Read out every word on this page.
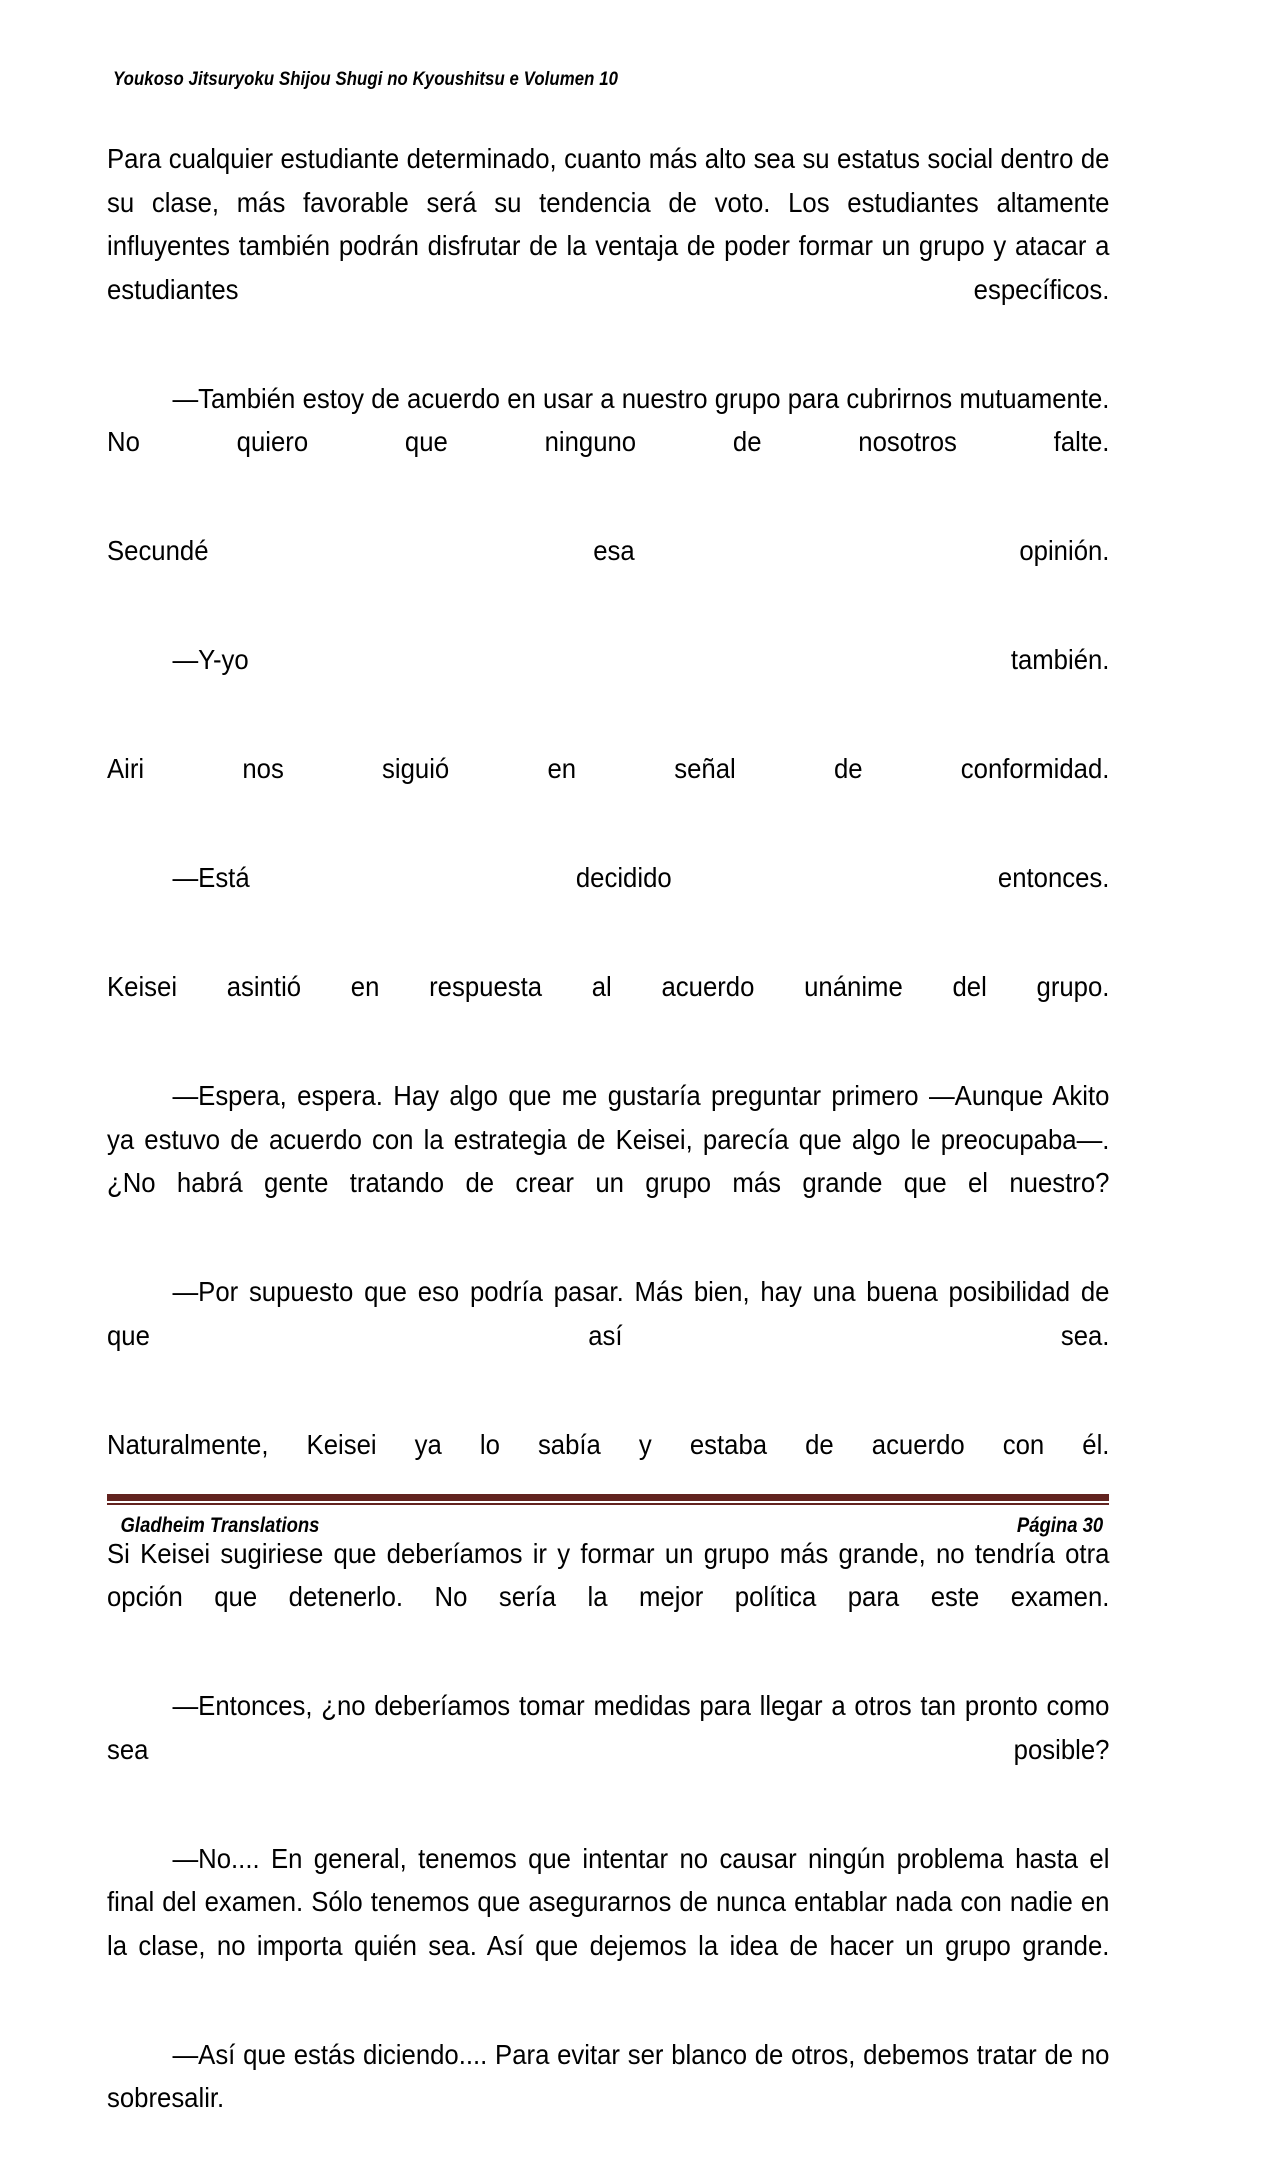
Youkoso Jitsuryoku Shijou Shugi no Kyoushitsu e Volumen 10

Para cualquier estudiante determinado, cuanto más alto sea su estatus social dentro de su clase, más favorable será su tendencia de voto. Los estudiantes altamente influyentes también podrán disfrutar de la ventaja de poder formar un grupo y atacar a estudiantes específicos.

—También estoy de acuerdo en usar a nuestro grupo para cubrirnos mutuamente. No quiero que ninguno de nosotros falte.

Secundé esa opinión.

—Y-yo también.

Airi nos siguió en señal de conformidad.

—Está decidido entonces.

Keisei asintió en respuesta al acuerdo unánime del grupo.

—Espera, espera. Hay algo que me gustaría preguntar primero —Aunque Akito ya estuvo de acuerdo con la estrategia de Keisei, parecía que algo le preocupaba—. ¿No habrá gente tratando de crear un grupo más grande que el nuestro?

—Por supuesto que eso podría pasar. Más bien, hay una buena posibilidad de que así sea.

Naturalmente, Keisei ya lo sabía y estaba de acuerdo con él.

Si Keisei sugiriese que deberíamos ir y formar un grupo más grande, no tendría otra opción que detenerlo. No sería la mejor política para este examen.

—Entonces, ¿no deberíamos tomar medidas para llegar a otros tan pronto como sea posible?

—No.... En general, tenemos que intentar no causar ningún problema hasta el final del examen. Sólo tenemos que asegurarnos de nunca entablar nada con nadie en la clase, no importa quién sea. Así que dejemos la idea de hacer un grupo grande.

—Así que estás diciendo.... Para evitar ser blanco de otros, debemos tratar de no sobresalir.

Gladheim Translations	Página 30
